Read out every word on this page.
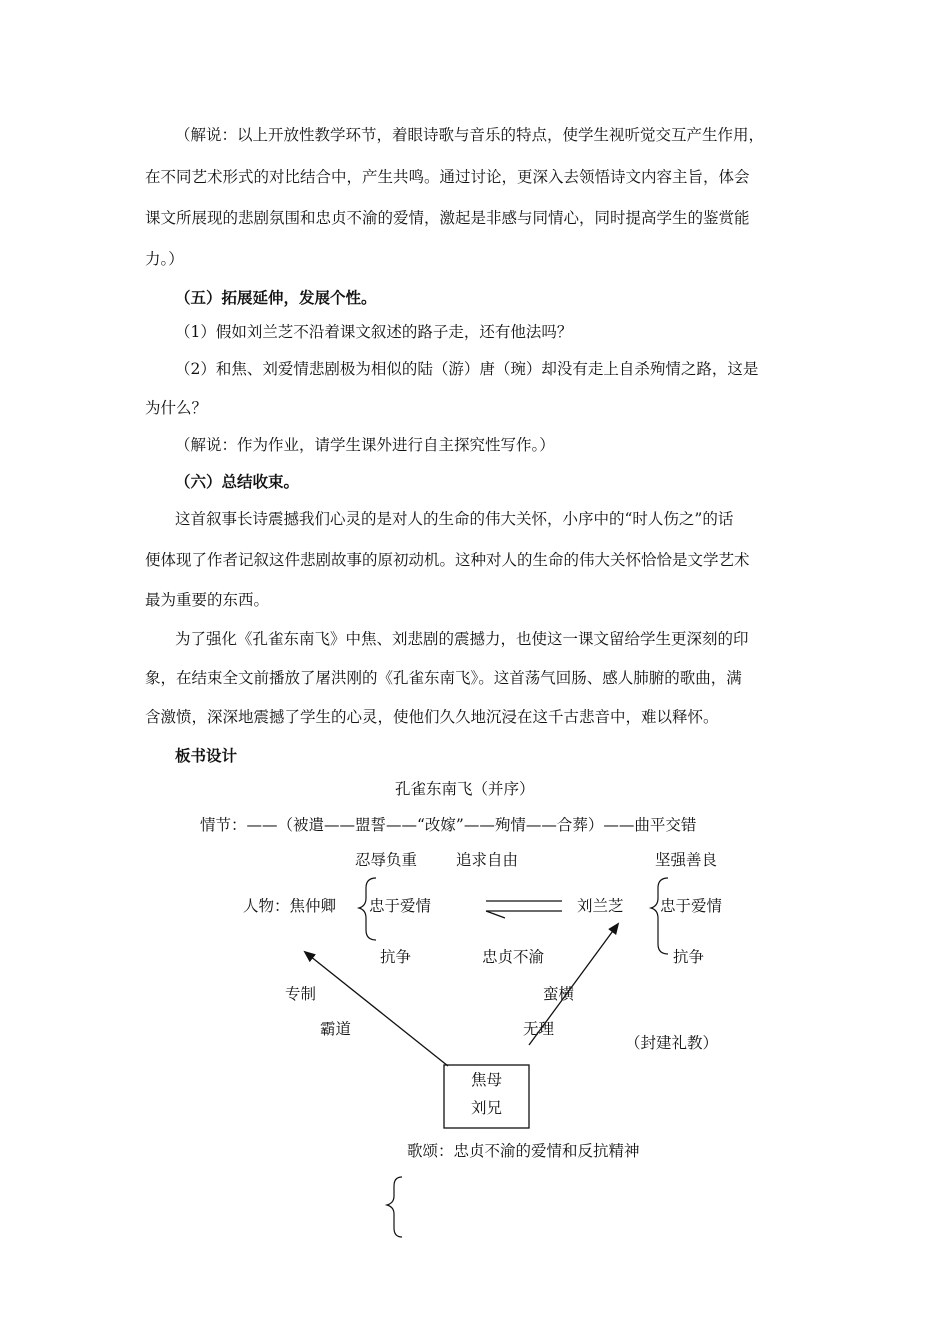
（解说：以上开放性教学环节，着眼诗歌与音乐的特点，使学生视听觉交互产生作用，
在不同艺术形式的对比结合中，产生共鸣。通过讨论，更深入去领悟诗文内容主旨，体会
课文所展现的悲剧氛围和忠贞不渝的爱情，激起是非感与同情心，同时提高学生的鉴赏能
力。）
（五）拓展延伸，发展个性。
（1）假如刘兰芝不沿着课文叙述的路子走，还有他法吗？
（2）和焦、刘爱情悲剧极为相似的陆（游）唐（琬）却没有走上自杀殉情之路，这是
为什么？
（解说：作为作业，请学生课外进行自主探究性写作。）
（六）总结收束。
这首叙事长诗震撼我们心灵的是对人的生命的伟大关怀，小序中的“时人伤之”的话
便体现了作者记叙这件悲剧故事的原初动机。这种对人的生命的伟大关怀恰恰是文学艺术
最为重要的东西。
为了强化《孔雀东南飞》中焦、刘悲剧的震撼力，也使这一课文留给学生更深刻的印
象，在结束全文前播放了屠洪刚的《孔雀东南飞》。这首荡气回肠、感人肺腑的歌曲，满
含激愤，深深地震撼了学生的心灵，使他们久久地沉浸在这千古悲音中，难以释怀。
板书设计
孔雀东南飞（并序）
情节：——（被遣——盟誓——“改嫁”——殉情——合葬）——曲平交错
忍辱负重	追求自由	坚强善良
人物：焦仲卿 忠于爱情	刘兰芝 忠于爱情
抗争	忠贞不渝	抗争
专制
霸道
蛮横
无理
（封建礼教）
焦母
刘兄
歌颂：忠贞不渝的爱情和反抗精神
